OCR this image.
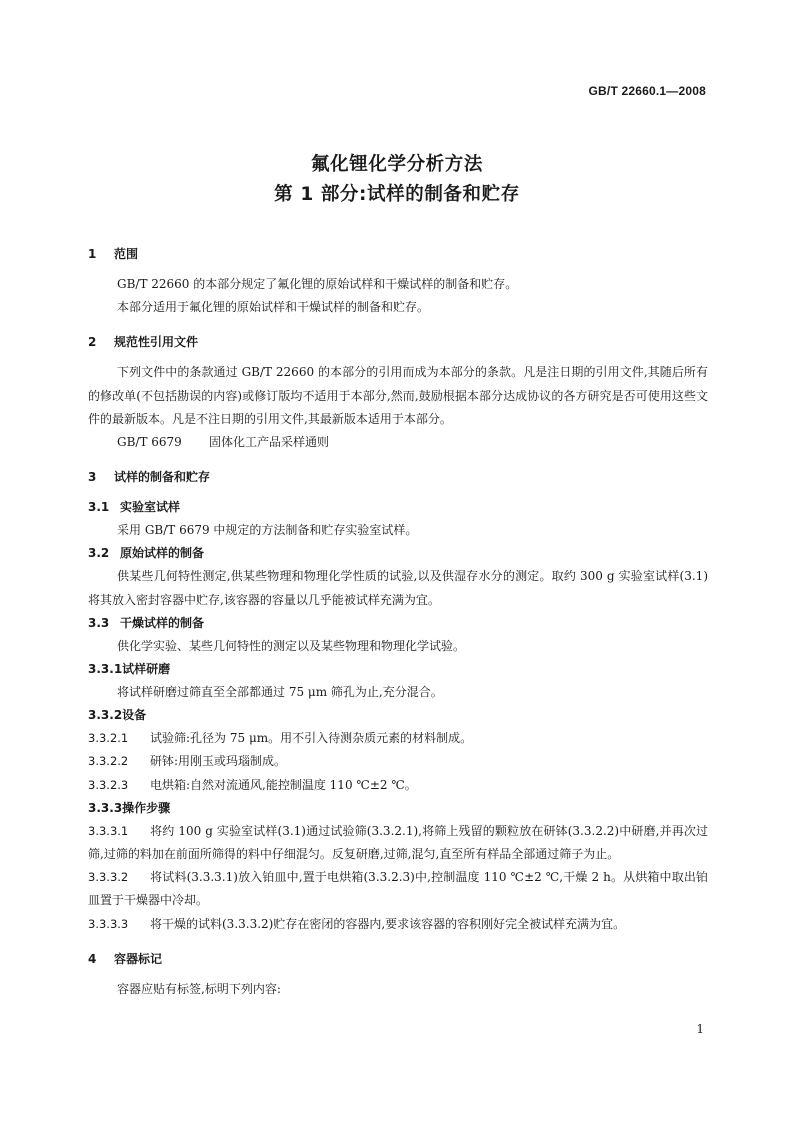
GB/T 22660.1—2008
氟化锂化学分析方法
第 1 部分:试样的制备和贮存
1 范围

GB/T 22660 的本部分规定了氟化锂的原始试样和干燥试样的制备和贮存。

本部分适用于氟化锂的原始试样和干燥试样的制备和贮存。

2 规范性引用文件

下列文件中的条款通过 GB/T 22660 的本部分的引用而成为本部分的条款。凡是注日期的引用文件,其随后所有的修改单(不包括勘误的内容)或修订版均不适用于本部分,然而,鼓励根据本部分达成协议的各方研究是否可使用这些文件的最新版本。凡是不注日期的引用文件,其最新版本适用于本部分。

GB/T 6679 固体化工产品采样通则

3 试样的制备和贮存
3.1 实验室试样

采用 GB/T 6679 中规定的方法制备和贮存实验室试样。

3.2 原始试样的制备

供某些几何特性测定,供某些物理和物理化学性质的试验,以及供湿存水分的测定。取约 300 g 实验室试样(3.1)将其放入密封容器中贮存,该容器的容量以几乎能被试样充满为宜。

3.3 干燥试样的制备

供化学实验、某些几何特性的测定以及某些物理和物理化学试验。

3.3.1试样研磨

将试样研磨过筛直至全部都通过 75 μm 筛孔为止,充分混合。

3.3.2设备

3.3.2.1 试验筛:孔径为 75 μm。用不引入待测杂质元素的材料制成。

3.3.2.2 研钵:用刚玉或玛瑙制成。

3.3.2.3 电烘箱:自然对流通风,能控制温度 110 ℃±2 ℃。

3.3.3操作步骤

3.3.3.1 将约 100 g 实验室试样(3.1)通过试验筛(3.3.2.1),将筛上残留的颗粒放在研钵(3.3.2.2)中研磨,并再次过筛,过筛的料加在前面所筛得的料中仔细混匀。反复研磨,过筛,混匀,直至所有样品全部通过筛子为止。

3.3.3.2 将试料(3.3.3.1)放入铂皿中,置于电烘箱(3.3.2.3)中,控制温度 110 ℃±2 ℃,干燥 2 h。从烘箱中取出铂皿置于干燥器中冷却。

3.3.3.3 将干燥的试料(3.3.3.2)贮存在密闭的容器内,要求该容器的容积刚好完全被试样充满为宜。

4 容器标记

容器应贴有标签,标明下列内容:

1
